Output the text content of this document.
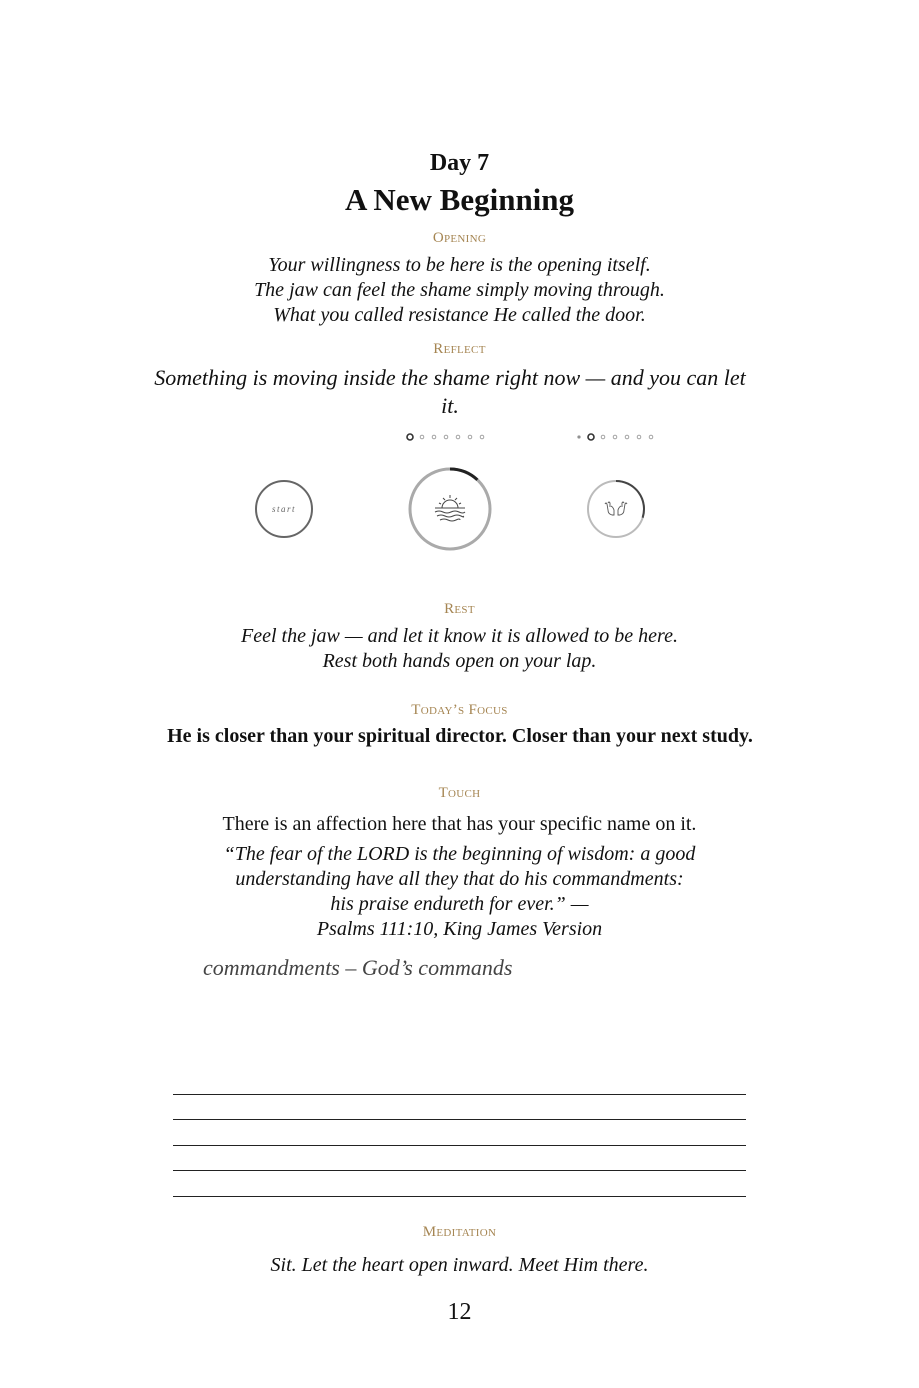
Day 7
A New Beginning
Opening
Your willingness to be here is the opening itself.
The jaw can feel the shame simply moving through.
What you called resistance He called the door.
Reflect
Something is moving inside the shame right now — and you can let it.
start
Rest
Feel the jaw — and let it know it is allowed to be here.
Rest both hands open on your lap.
Today’s Focus
He is closer than your spiritual director. Closer than your next study.
Touch
There is an affection here that has your specific name on it.
“The fear of the LORD is the beginning of wisdom: a good
understanding have all they that do his commandments:
his praise endureth for ever.” —
Psalms 111:10, King James Version
commandments – God’s commands
Meditation
Sit. Let the heart open inward. Meet Him there.
12
